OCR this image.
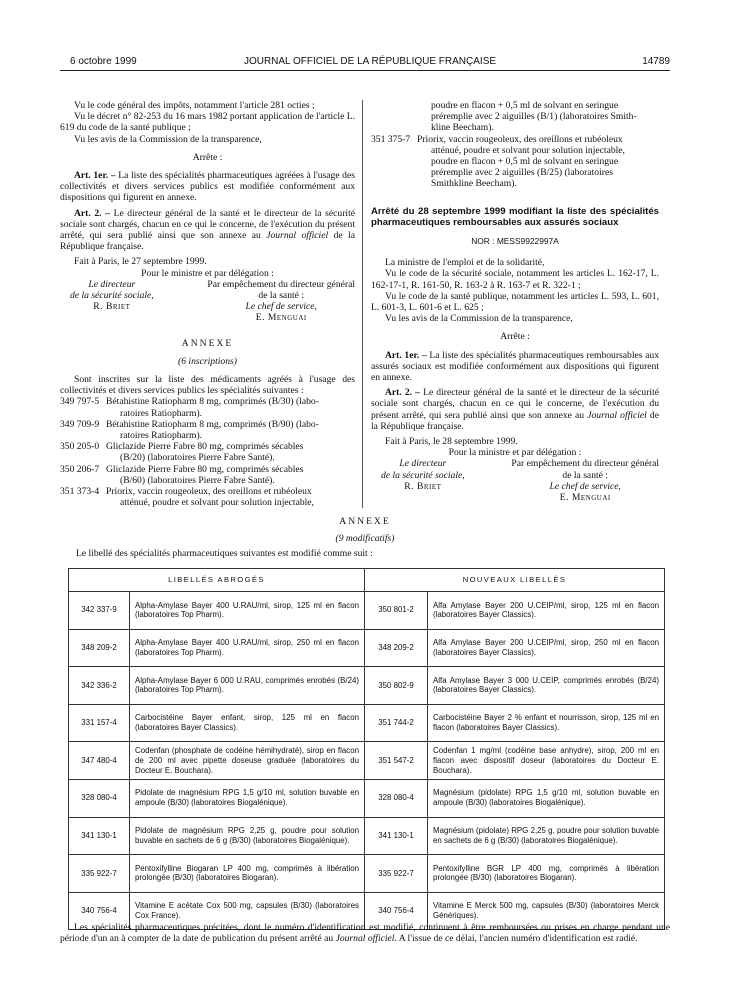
6 octobre 1999	JOURNAL OFFICIEL DE LA RÉPUBLIQUE FRANÇAISE	14789

Vu le code général des impôts, notamment l'article 281 octies ;

Vu le décret n° 82-253 du 16 mars 1982 portant application de l'article L. 619 du code de la santé publique ;

Vu les avis de la Commission de la transparence,

Arrête :

Art. 1er. – La liste des spécialités pharmaceutiques agréées à l'usage des collectivités et divers services publics est modifiée conformément aux dispositions qui figurent en annexe.

Art. 2. – Le directeur général de la santé et le directeur de la sécurité sociale sont chargés, chacun en ce qui le concerne, de l'exécution du présent arrêté, qui sera publié ainsi que son annexe au Journal officiel de la République française.

Fait à Paris, le 27 septembre 1999.

Pour le ministre et par délégation :

Le directeur
de la sécurité sociale,
R. Briet
Par empêchement du directeur général
de la santé :
Le chef de service,
E. Menguai

ANNEXE

(6 inscriptions)

Sont inscrites sur la liste des médicaments agréés à l'usage des collectivités et divers services publics les spécialités suivantes :

349 797-5 Bétahistine Ratiopharm 8 mg, comprimés (B/30) (labo-
ratoires Ratiopharm).
349 709-9 Bétahistine Ratiopharm 8 mg, comprimés (B/90) (labo-
ratoires Ratiopharm).
350 205-0 Gliclazide Pierre Fabre 80 mg, comprimés sécables
(B/20) (laboratoires Pierre Fabre Santé).
350 206-7 Gliclazide Pierre Fabre 80 mg, comprimés sécables
(B/60) (laboratoires Pierre Fabre Santé).
351 373-4 Priorix, vaccin rougeoleux, des oreillons et rubéoleux
atténué, poudre et solvant pour solution injectable,
poudre en flacon + 0,5 ml de solvant en seringue
préremplie avec 2 aiguilles (B/1) (laboratoires Smith-
kline Beecham).
351 375-7 Priorix, vaccin rougeoleux, des oreillons et rubéoleux
atténué, poudre et solvant pour solution injectable,
poudre en flacon + 0,5 ml de solvant en seringue
préremplie avec 2 aiguilles (B/25) (laboratoires
Smithkline Beecham).

Arrêté du 28 septembre 1999 modifiant la liste des spécialités pharmaceutiques remboursables aux assurés sociaux

NOR : MESS9922997A

La ministre de l'emploi et de la solidarité,

Vu le code de la sécurité sociale, notamment les articles L. 162-17, L. 162-17-1, R. 161-50, R. 163-2 à R. 163-7 et R. 322-1 ;

Vu le code de la santé publique, notamment les articles L. 593, L. 601, L. 601-3, L. 601-6 et L. 625 ;

Vu les avis de la Commission de la transparence,

Arrête :

Art. 1er. – La liste des spécialités pharmaceutiques remboursables aux assurés sociaux est modifiée conformément aux dispositions qui figurent en annexe.

Art. 2. – Le directeur général de la santé et le directeur de la sécurité sociale sont chargés, chacun en ce qui le concerne, de l'exécution du présent arrêté, qui sera publié ainsi que son annexe au Journal officiel de la République française.

Fait à Paris, le 28 septembre 1999.

Pour la ministre et par délégation :

Le directeur
de la sécurité sociale,
R. Briet
Par empêchement du directeur général
de la santé :
Le chef de service,
E. Menguai
ANNEXE
(9 modificatifs)
Le libellé des spécialités pharmaceutiques suivantes est modifié comme suit :
LIBELLÉS ABROGÉS		NOUVEAUX LIBELLÉS	
342 337-9	Alpha-Amylase Bayer 400 U.RAU/ml, sirop, 125 ml en flacon (laboratoires Top Pharm).	350 801-2	Alfa Amylase Bayer 200 U.CEIP/ml, sirop, 125 ml en flacon (laboratoires Bayer Classics).
348 209-2	Alpha-Amylase Bayer 400 U.RAU/ml, sirop, 250 ml en flacon (laboratoires Top Pharm).	348 209-2	Alfa Amylase Bayer 200 U.CEIP/ml, sirop, 250 ml en flacon (laboratoires Bayer Classics).
342 336-2	Alpha-Amylase Bayer 6 000 U.RAU, comprimés enrobés (B/24) (laboratoires Top Pharm).	350 802-9	Alfa Amylase Bayer 3 000 U.CEIP, comprimés enrobés (B/24) (laboratoires Bayer Classics).
331 157-4	Carbocistéine Bayer enfant, sirop, 125 ml en flacon (laboratoires Bayer Classics).	351 744-2	Carbocistéine Bayer 2 % enfant et nourrisson, sirop, 125 ml en flacon (laboratoires Bayer Classics).
347 480-4	Codenfan (phosphate de codéine hémihydraté), sirop en flacon de 200 ml avec pipette doseuse graduée (laboratoires du Docteur E. Bouchara).	351 547-2	Codenfan 1 mg/ml (codéine base anhydre), sirop, 200 ml en flacon avec dispositif doseur (laboratoires du Docteur E. Bouchara).
328 080-4	Pidolate de magnésium RPG 1,5 g/10 ml, solution buvable en ampoule (B/30) (laboratoires Biogalénique).	328 080-4	Magnésium (pidolate) RPG 1,5 g/10 ml, solution buvable en ampoule (B/30) (laboratoires Biogalénique).
341 130-1	Pidolate de magnésium RPG 2,25 g, poudre pour solution buvable en sachets de 6 g (B/30) (laboratoires Biogalénique).	341 130-1	Magnésium (pidolate) RPG 2,25 g, poudre pour solution buvable en sachets de 6 g (B/30) (laboratoires Biogalénique).
335 922-7	Pentoxifylline Biogaran LP 400 mg, comprimés à libération prolongée (B/30) (laboratoires Biogaran).	335 922-7	Pentoxifylline BGR LP 400 mg, comprimés à libération prolongée (B/30) (laboratoires Biogaran).
340 756-4	Vitamine E acétate Cox 500 mg, capsules (B/30) (laboratoires Cox France).	340 756-4	Vitamine E Merck 500 mg, capsules (B/30) (laboratoires Merck Génériques).

Les spécialités pharmaceutiques précitées, dont le numéro d'identification est modifié, continuent à être remboursées ou prises en charge pendant une période d'un an à compter de la date de publication du présent arrêté au Journal officiel. A l'issue de ce délai, l'ancien numéro d'identification est radié.
